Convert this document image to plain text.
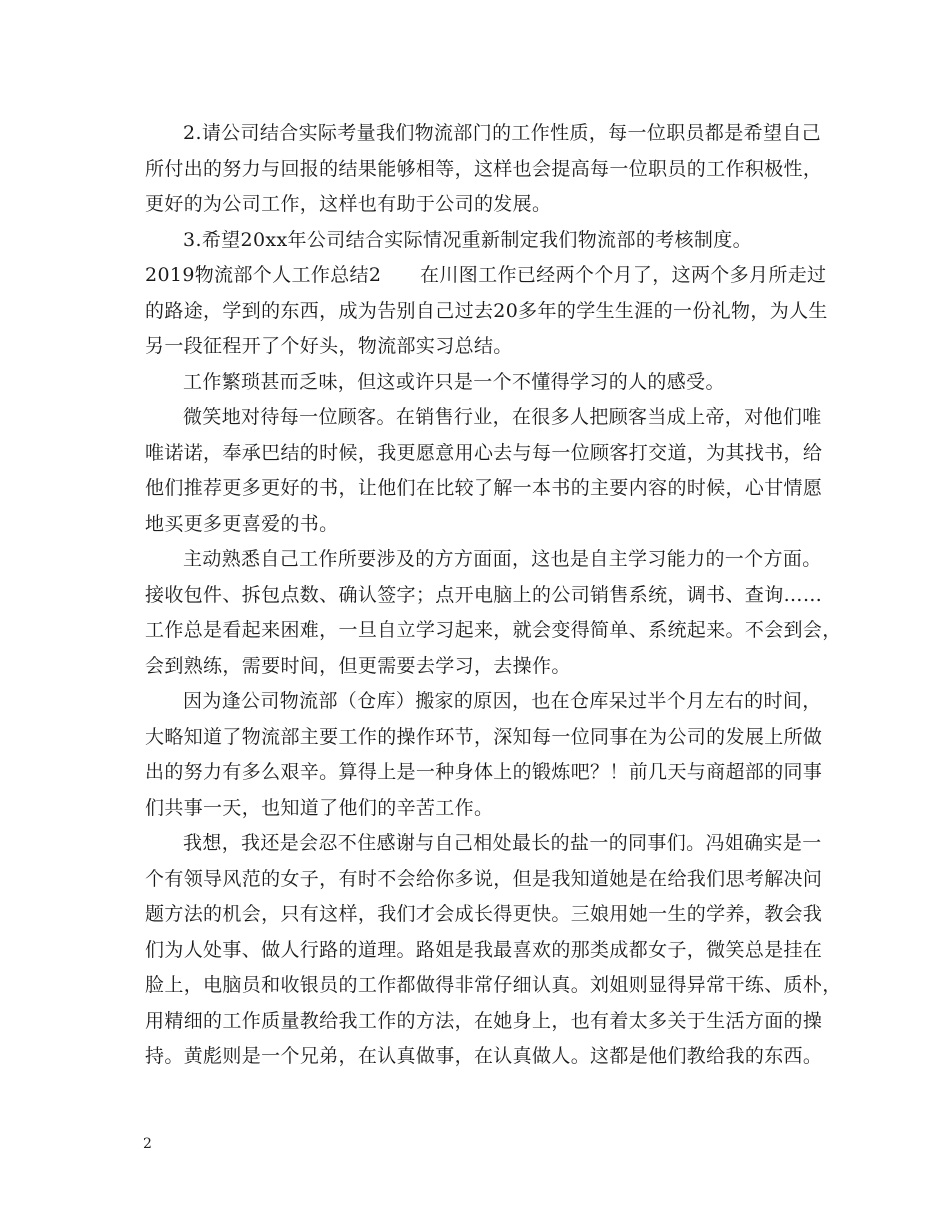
2.请公司结合实际考量我们物流部门的工作性质，每一位职员都是希望自己
所付出的努力与回报的结果能够相等，这样也会提高每一位职员的工作积极性，
更好的为公司工作，这样也有助于公司的发展。
3.希望20xx年公司结合实际情况重新制定我们物流部的考核制度。
2019物流部个人工作总结2　　在川图工作已经两个个月了，这两个多月所走过
的路途，学到的东西，成为告别自己过去20多年的学生生涯的一份礼物，为人生
另一段征程开了个好头，物流部实习总结。
工作繁琐甚而乏味，但这或许只是一个不懂得学习的人的感受。
微笑地对待每一位顾客。在销售行业，在很多人把顾客当成上帝，对他们唯
唯诺诺，奉承巴结的时候，我更愿意用心去与每一位顾客打交道，为其找书，给
他们推荐更多更好的书，让他们在比较了解一本书的主要内容的时候，心甘情愿
地买更多更喜爱的书。
主动熟悉自己工作所要涉及的方方面面，这也是自主学习能力的一个方面。
接收包件、拆包点数、确认签字；点开电脑上的公司销售系统，调书、查询……
工作总是看起来困难，一旦自立学习起来，就会变得简单、系统起来。不会到会，
会到熟练，需要时间，但更需要去学习，去操作。
因为逢公司物流部（仓库）搬家的原因，也在仓库呆过半个月左右的时间，
大略知道了物流部主要工作的操作环节，深知每一位同事在为公司的发展上所做
出的努力有多么艰辛。算得上是一种身体上的锻炼吧？！前几天与商超部的同事
们共事一天，也知道了他们的辛苦工作。
我想，我还是会忍不住感谢与自己相处最长的盐一的同事们。冯姐确实是一
个有领导风范的女子，有时不会给你多说，但是我知道她是在给我们思考解决问
题方法的机会，只有这样，我们才会成长得更快。三娘用她一生的学养，教会我
们为人处事、做人行路的道理。路姐是我最喜欢的那类成都女子，微笑总是挂在
脸上，电脑员和收银员的工作都做得非常仔细认真。刘姐则显得异常干练、质朴，
用精细的工作质量教给我工作的方法，在她身上，也有着太多关于生活方面的操
持。黄彪则是一个兄弟，在认真做事，在认真做人。这都是他们教给我的东西。
2
